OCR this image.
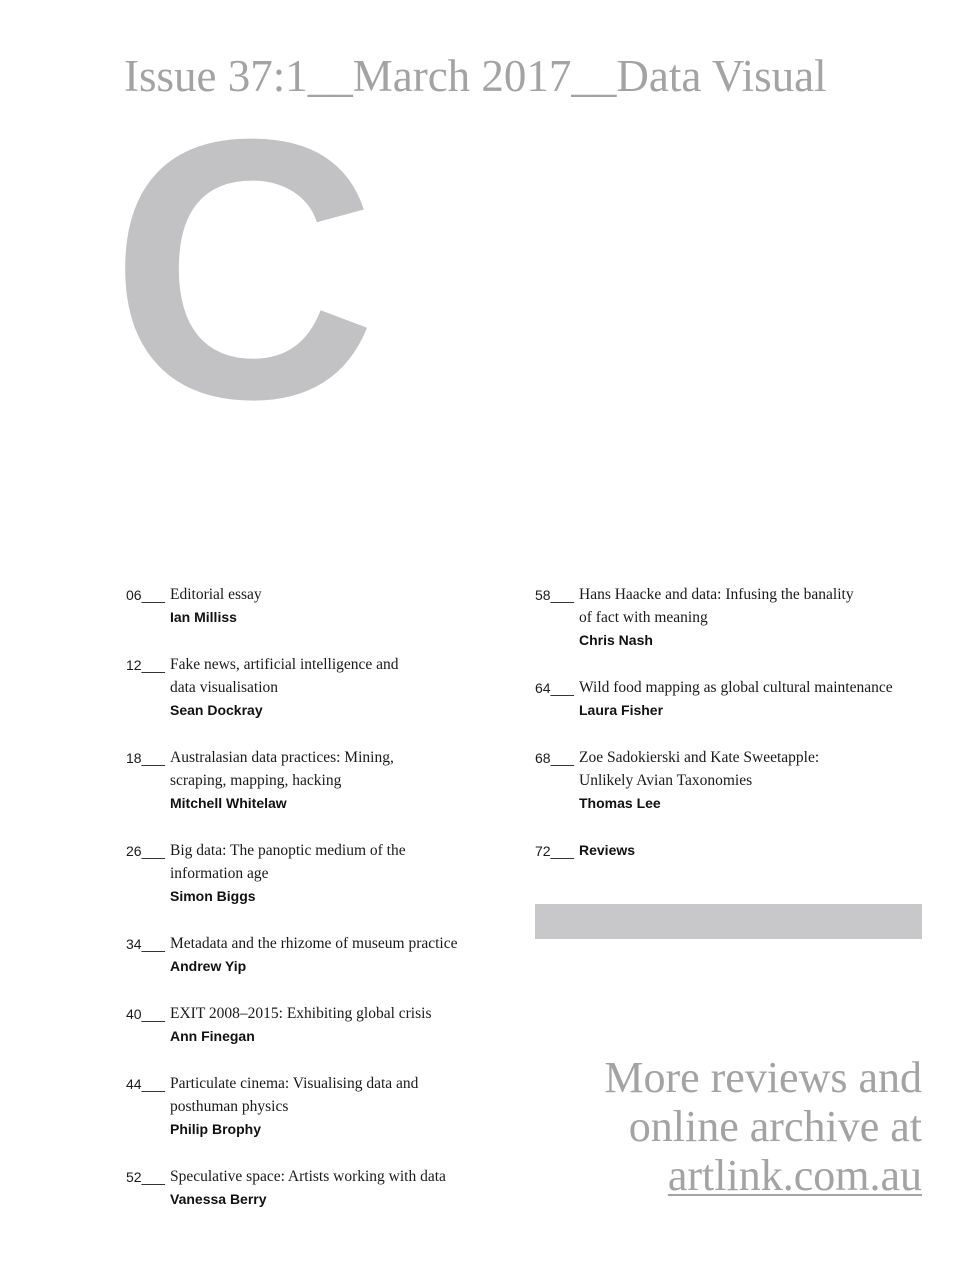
Issue 37:1__March 2017__Data Visual
C
06___ Editorial essay
Ian Milliss
12___ Fake news, artificial intelligence and data visualisation
Sean Dockray
18___ Australasian data practices: Mining, scraping, mapping, hacking
Mitchell Whitelaw
26___ Big data: The panoptic medium of the information age
Simon Biggs
34___ Metadata and the rhizome of museum practice
Andrew Yip
40___ EXIT 2008–2015: Exhibiting global crisis
Ann Finegan
44___ Particulate cinema: Visualising data and posthuman physics
Philip Brophy
52___ Speculative space: Artists working with data
Vanessa Berry
58___ Hans Haacke and data: Infusing the banality of fact with meaning
Chris Nash
64___ Wild food mapping as global cultural maintenance
Laura Fisher
68___ Zoe Sadokierski and Kate Sweetapple: Unlikely Avian Taxonomies
Thomas Lee
72___ Reviews
More reviews and
online archive at
artlink.com.au
